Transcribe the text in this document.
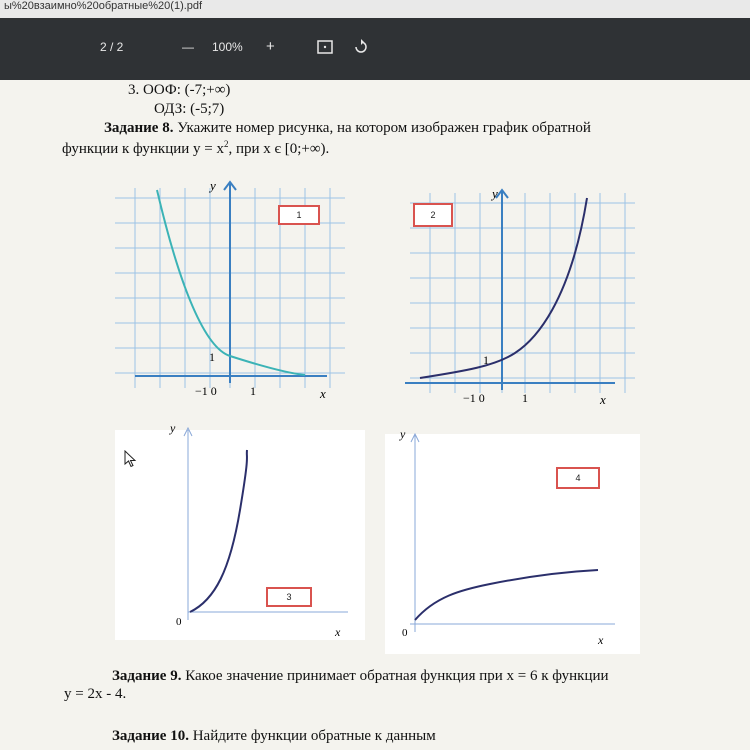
ы%20взаимно%20обратные%20(1).pdf
2 / 2	— 100% +
3. ООФ: (-7;+∞)
ОДЗ: (-5;7)
Задание 8. Укажите номер рисунка, на котором изображен график обратной
функции к функции $y = x^2$, при x є [0;+∞).
y
x
1
−1 0	1
1
y
x
1
−1 0	1
2
y
x
0
3
y
x
0
4
Задание 9. Какое значение принимает обратная функция при x = 6 к функции
y = 2x - 4.
Задание 10. Найдите функции обратные к данным
